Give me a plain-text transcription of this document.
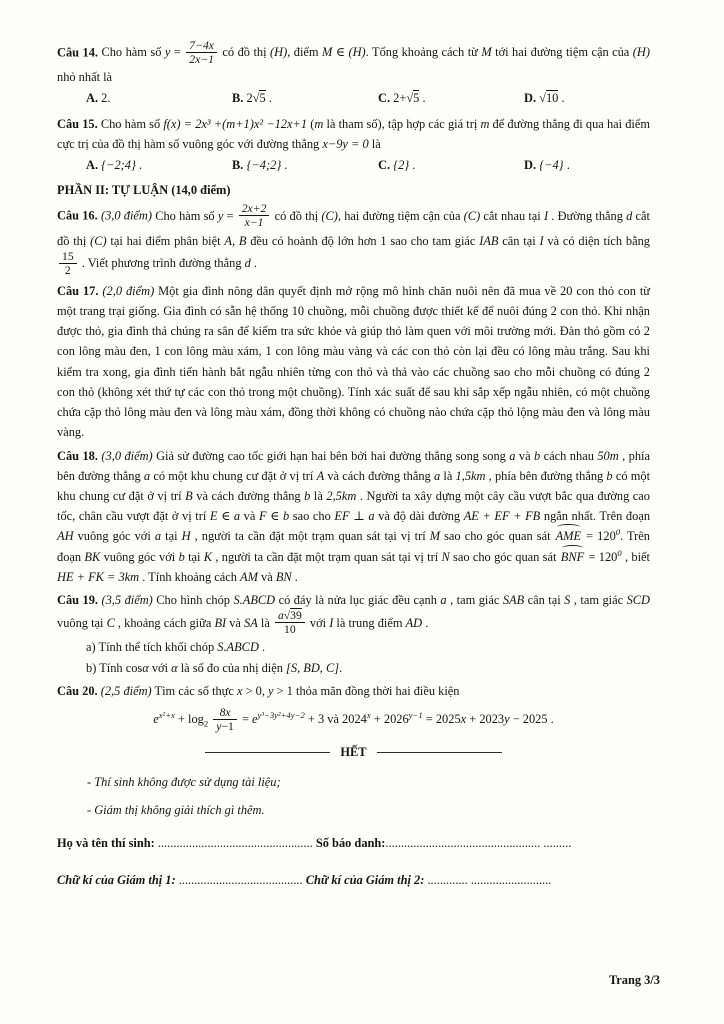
Câu 14. Cho hàm số $y = \frac{7-4x}{2x-1}$ có đồ thị (H), điểm M ∈ (H). Tổng khoảng cách từ M tới hai đường tiệm cận của (H) nhỏ nhất là

A. 2.	B. 2 √ 5 .	C. 2+ √ 5 .	D. √ 10 .

Câu 15. Cho hàm số f(x) = 2x³ +(m+1)x² −12x+1 (m là tham số), tập hợp các giá trị m để đường thẳng đi qua hai điểm cực trị của đồ thị hàm số vuông góc với đường thẳng x−9y = 0 là

A. {−2;4} .	B. {−4;2} .	C. {2} .	D. {−4} .

PHẦN II: TỰ LUẬN (14,0 điểm)

Câu 16. (3,0 điểm) Cho hàm số $y = \frac{2x+2}{x-1}$ có đồ thị (C), hai đường tiệm cận của (C) cắt nhau tại I . Đường thẳng d cắt đồ thị (C) tại hai điểm phân biệt A, B đều có hoành độ lớn hơn 1 sao cho tam giác IAB cân tại I và có diện tích bằng
$\frac{15}{2}$ . Viết phương trình đường thẳng d .

Câu 17. (2,0 điểm) Một gia đình nông dân quyết định mở rộng mô hình chăn nuôi nên đã mua về 20 con thỏ con từ một trang trại giống. Gia đình có sẵn hệ thống 10 chuồng, mỗi chuồng được thiết kế để nuôi đúng 2 con thỏ. Khi nhận được thỏ, gia đình thả chúng ra sân để kiểm tra sức khỏe và giúp thỏ làm quen với môi trường mới. Đàn thỏ gồm có 2 con lông màu đen, 1 con lông màu xám, 1 con lông màu vàng và các con thỏ còn lại đều có lông màu trắng. Sau khi kiểm tra xong, gia đình tiến hành bắt ngẫu nhiên từng con thỏ và thả vào các chuồng sao cho mỗi chuồng có đúng 2 con thỏ (không xét thứ tự các con thỏ trong một chuồng). Tính xác suất để sau khi sắp xếp ngẫu nhiên, có một chuồng chứa cặp thỏ lông màu đen và lông màu xám, đồng thời không có chuồng nào chứa cặp thỏ lộng màu đen và lông màu vàng.

Câu 18. (3,0 điểm) Giả sử đường cao tốc giới hạn hai bên bởi hai đường thẳng song song a và b cách nhau 50m , phía bên đường thẳng a có một khu chung cư đặt ở vị trí A và cách đường thẳng a là 1,5km , phía bên đường thẳng b có một khu chung cư đặt ở vị trí B và cách đường thẳng b là 2,5km . Người ta xây dựng một cây cầu vượt bắc qua đường cao tốc, chân cầu vượt đặt ở vị trí E ∈ a và F ∈ b sao cho EF ⊥ a và độ dài đường AE + EF + FB ngắn nhất. Trên đoạn AH vuông góc với a tại H , người ta cần đặt một trạm quan sát tại vị trí M sao cho góc quan sát AME = $120^0$. Trên đoạn BK vuông góc với b tại K , người ta cần đặt một trạm quan sát tại vị trí N sao cho góc quan sát BNF = $120^0$ , biết HE + FK = 3km . Tính khoảng cách AM và BN .

Câu 19. (3,5 điểm) Cho hình chóp S.ABCD có đáy là nửa lục giác đều cạnh a , tam giác SAB cân tại S , tam giác SCD vuông tại C , khoảng cách giữa BI và SA là $\frac{a √ 39}{10}$ với I là trung điểm AD .

a) Tính thể tích khối chóp S.ABCD .

b) Tính cosα với α là số đo của nhị diện [S, BD, C].

Câu 20. (2,5 điểm) Tìm các số thực x > 0, y > 1 thỏa mãn đồng thời hai điều kiện

$e^{x^2+x} + \log_2 \frac{8x}{y-1} = e^{y^3-3y^2+4y-2} + 3$ và $2024^x + 2026^{y-1} = 2025x + 2023y - 2025$ .
HẾT

- Thí sinh không được sử dụng tài liệu;

- Giám thị không giải thích gì thêm.

Họ và tên thí sinh: .................................................. Số báo danh:.................................................. .........

Chữ kí của Giám thị 1: ........................................ Chữ kí của Giám thị 2: ............. ..........................

Trang 3/3
